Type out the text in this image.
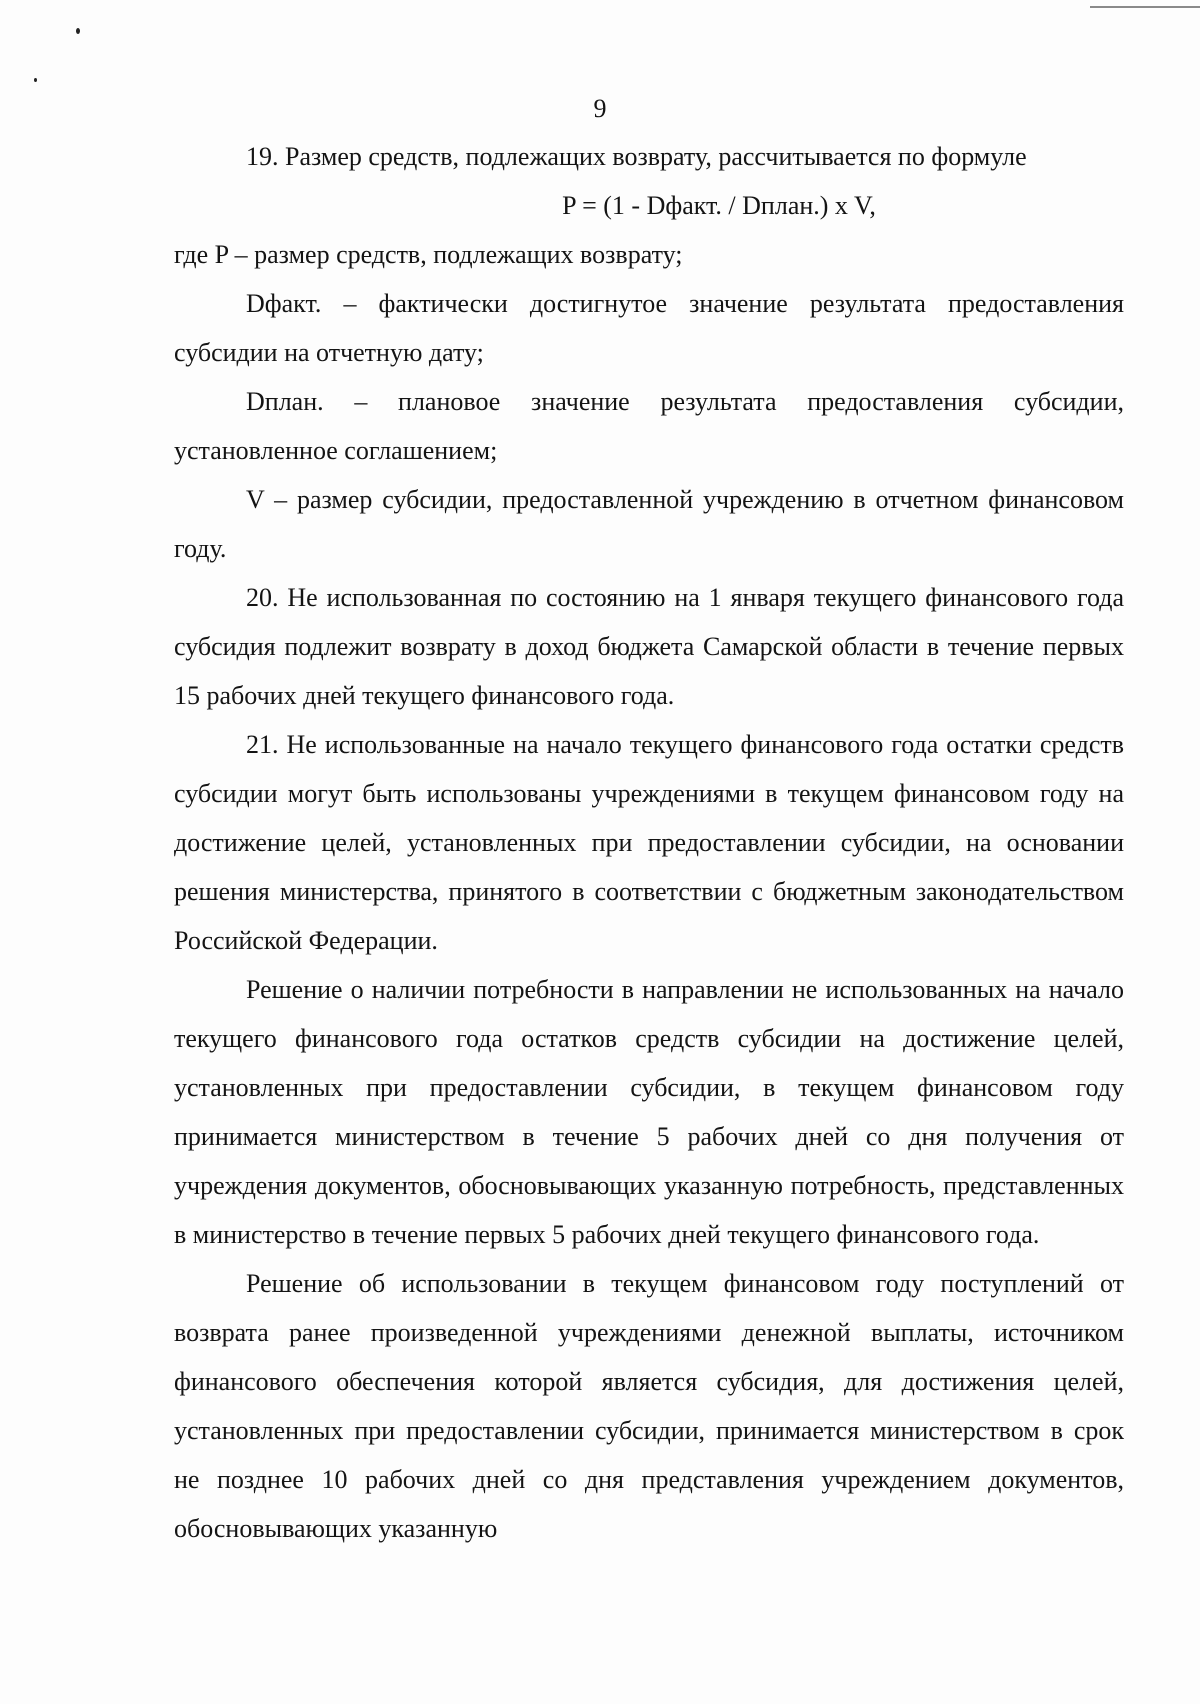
9

19. Размер средств, подлежащих возврату, рассчитывается по формуле

P = (1 - Dфакт. / Dплан.) x V,

где P – размер средств, подлежащих возврату;

Dфакт. – фактически достигнутое значение результата предоставления субсидии на отчетную дату;

Dплан. – плановое значение результата предоставления субсидии, установленное соглашением;

V – размер субсидии, предоставленной учреждению в отчетном финансовом году.

20. Не использованная по состоянию на 1 января текущего финансового года субсидия подлежит возврату в доход бюджета Самарской области в течение первых 15 рабочих дней текущего финансового года.

21. Не использованные на начало текущего финансового года остатки средств субсидии могут быть использованы учреждениями в текущем финансовом году на достижение целей, установленных при предоставлении субсидии, на основании решения министерства, принятого в соответствии с бюджетным законодательством Российской Федерации.

Решение о наличии потребности в направлении не использованных на начало текущего финансового года остатков средств субсидии на достижение целей, установленных при предоставлении субсидии, в текущем финансовом году принимается министерством в течение 5 рабочих дней со дня получения от учреждения документов, обосновывающих указанную потребность, представленных в министерство в течение первых 5 рабочих дней текущего финансового года.

Решение об использовании в текущем финансовом году поступлений от возврата ранее произведенной учреждениями денежной выплаты, источником финансового обеспечения которой является субсидия, для достижения целей, установленных при предоставлении субсидии, принимается министерством в срок не позднее 10 рабочих дней со дня представления учреждением документов, обосновывающих указанную
